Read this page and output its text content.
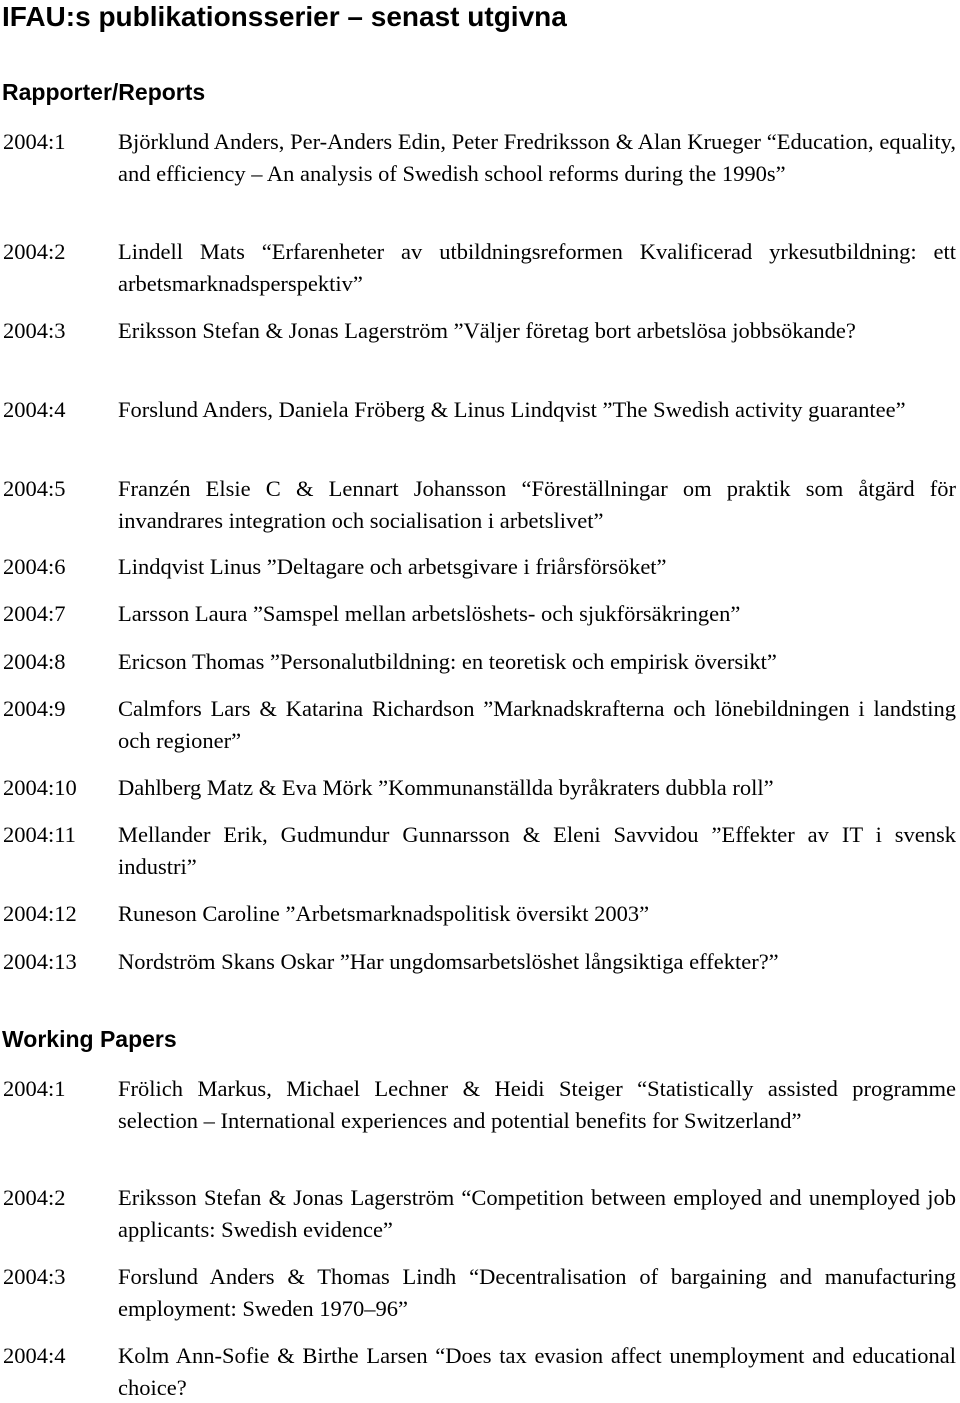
IFAU:s publikationsserier – senast utgivna
Rapporter/Reports
2004:1 Björklund Anders, Per-Anders Edin, Peter Fredriksson & Alan Krueger “Education, equality, and efficiency – An analysis of Swedish school reforms during the 1990s”
2004:2 Lindell Mats “Erfarenheter av utbildningsreformen Kvalificerad yrkesutbildning: ett arbetsmarknadsperspektiv”
2004:3 Eriksson Stefan & Jonas Lagerström ”Väljer företag bort arbetslösa jobbsökande?
2004:4 Forslund Anders, Daniela Fröberg & Linus Lindqvist ”The Swedish activity guarantee”
2004:5 Franzén Elsie C & Lennart Johansson “Föreställningar om praktik som åtgärd för invandrares integration och socialisation i arbetslivet”
2004:6 Lindqvist Linus ”Deltagare och arbetsgivare i friårsförsöket”
2004:7 Larsson Laura ”Samspel mellan arbetslöshets- och sjukförsäkringen”
2004:8 Ericson Thomas ”Personalutbildning: en teoretisk och empirisk översikt”
2004:9 Calmfors Lars & Katarina Richardson ”Marknadskrafterna och lönebildningen i landsting och regioner”
2004:10 Dahlberg Matz & Eva Mörk ”Kommunanställda byråkraters dubbla roll”
2004:11 Mellander Erik, Gudmundur Gunnarsson & Eleni Savvidou ”Effekter av IT i svensk industri”
2004:12 Runeson Caroline ”Arbetsmarknadspolitisk översikt 2003”
2004:13 Nordström Skans Oskar ”Har ungdomsarbetslöshet långsiktiga effekter?”
Working Papers
2004:1 Frölich Markus, Michael Lechner & Heidi Steiger “Statistically assisted programme selection – International experiences and potential benefits for Switzerland”
2004:2 Eriksson Stefan & Jonas Lagerström “Competition between employed and unemployed job applicants: Swedish evidence”
2004:3 Forslund Anders & Thomas Lindh “Decentralisation of bargaining and manufacturing employment: Sweden 1970–96”
2004:4 Kolm Ann-Sofie & Birthe Larsen “Does tax evasion affect unemployment and educational choice?
